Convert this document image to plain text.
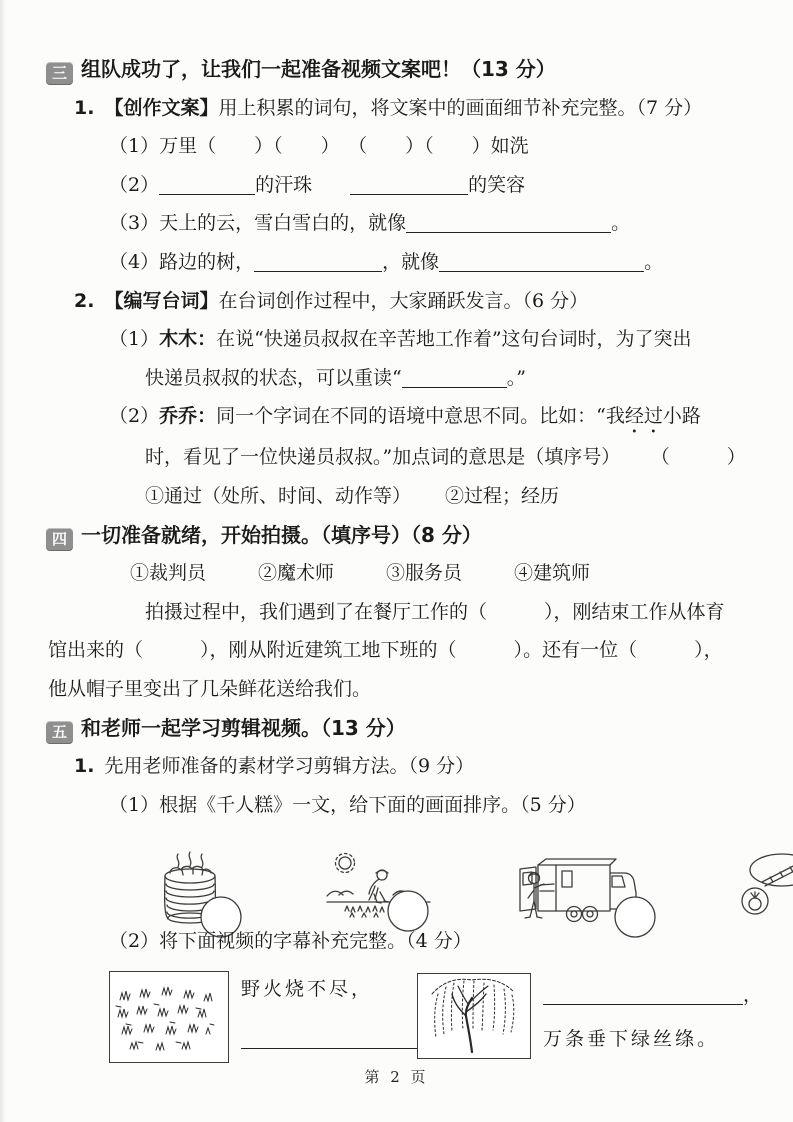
三 组队成功了，让我们一起准备视频文案吧！（13 分）
1. 【创作文案】用上积累的词句，将文案中的画面细节补充完整。（7 分）
（1）万里（　　）（　　） （　　）（　　）如洗
（2）	的汗珠	的笑容
（3）天上的云，雪白雪白的，就像	。
（4）路边的树，	，就像	。
2. 【编写台词】在台词创作过程中，大家踊跃发言。（6 分）
（1）木木：在说“快递员叔叔在辛苦地工作着”这句台词时，为了突出
快递员叔叔的状态，可以重读“	。”
（2）乔乔：同一个字词在不同的语境中意思不同。比如：“我经过小路
时，看见了一位快递员叔叔。”加点词的意思是（填序号） （　　　）
①通过（处所、时间、动作等） ②过程；经历
四 一切准备就绪，开始拍摄。（填序号）（8 分）
①裁判员	②魔术师	③服务员	④建筑师
拍摄过程中，我们遇到了在餐厅工作的（　　　），刚结束工作从体育
馆出来的（　　　），刚从附近建筑工地下班的（　　　）。还有一位（　　　），
他从帽子里变出了几朵鲜花送给我们。
五 和老师一起学习剪辑视频。（13 分）
1. 先用老师准备的素材学习剪辑方法。（9 分）
（1）根据《千人糕》一文，给下面的画面排序。（5 分）
（2）将下面视频的字幕补充完整。（4 分）
野火烧不尽，	，
万条垂下绿丝绦。
第 2 页
